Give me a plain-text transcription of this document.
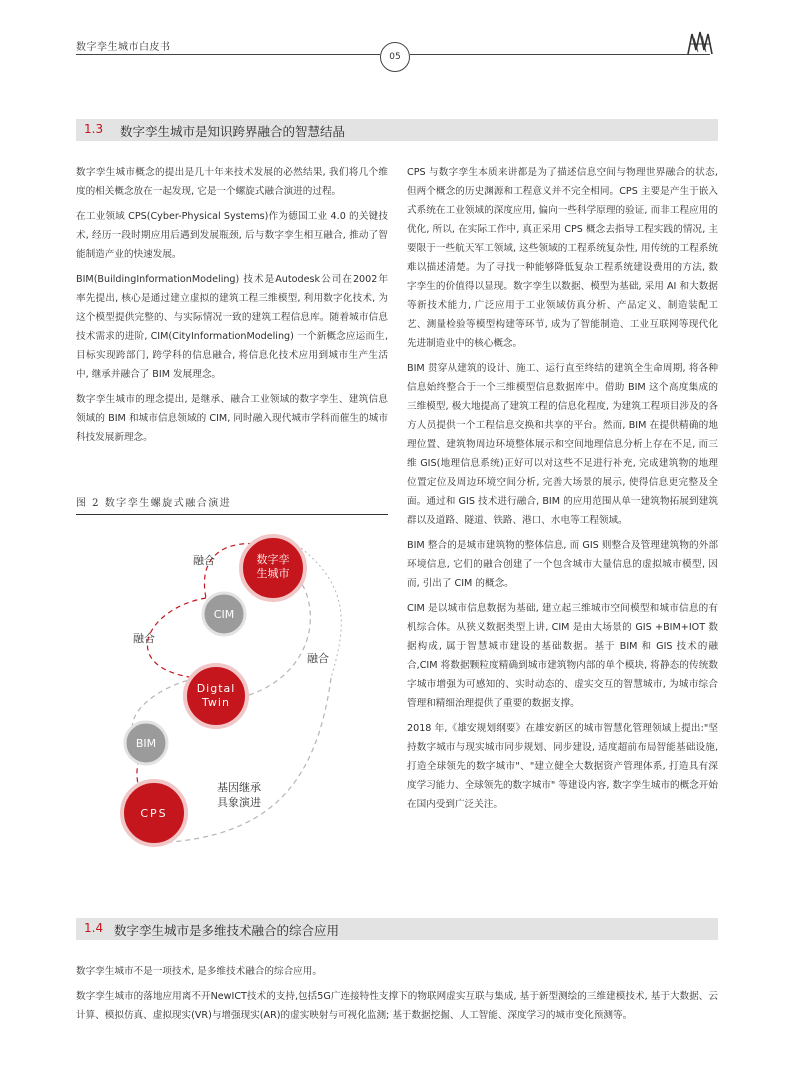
数字孪生城市白皮书
05
1.3 数字孪生城市是知识跨界融合的智慧结晶

数字孪生城市概念的提出是几十年来技术发展的必然结果, 我们将几个维度的相关概念放在一起发现, 它是一个螺旋式融合演进的过程。

在工业领域 CPS(Cyber-Physical Systems)作为德国工业 4.0 的关键技术, 经历一段时期应用后遇到发展瓶颈, 后与数字孪生相互融合, 推动了智能制造产业的快速发展。

BIM(BuildingInformationModeling) 技术是Autodesk公司在2002年率先提出, 核心是通过建立虚拟的建筑工程三维模型, 利用数字化技术, 为这个模型提供完整的、与实际情况一致的建筑工程信息库。随着城市信息技术需求的进阶, CIM(CityInformationModeling) 一个新概念应运而生, 目标实现跨部门, 跨学科的信息融合, 将信息化技术应用到城市生产生活中, 继承并融合了 BIM 发展理念。

数字孪生城市的理念提出, 是继承、融合工业领域的数字孪生、建筑信息领域的 BIM 和城市信息领域的 CIM, 同时融入现代城市学科而催生的城市科技发展新理念。

CPS 与数字孪生本质来讲都是为了描述信息空间与物理世界融合的状态, 但两个概念的历史渊源和工程意义并不完全相同。CPS 主要是产生于嵌入式系统在工业领域的深度应用, 偏向一些科学原理的验证, 而非工程应用的优化, 所以, 在实际工作中, 真正采用 CPS 概念去指导工程实践的情况, 主要限于一些航天军工领域, 这些领域的工程系统复杂性, 用传统的工程系统难以描述清楚。为了寻找一种能够降低复杂工程系统建设费用的方法, 数字孪生的价值得以显现。数字孪生以数据、模型为基础, 采用 AI 和大数据等新技术能力, 广泛应用于工业领域仿真分析、产品定义、制造装配工艺、测量检验等模型构建等环节, 成为了智能制造、工业互联网等现代化先进制造业中的核心概念。

BIM 贯穿从建筑的设计、施工、运行直至终结的建筑全生命周期, 将各种信息始终整合于一个三维模型信息数据库中。借助 BIM 这个高度集成的三维模型, 极大地提高了建筑工程的信息化程度, 为建筑工程项目涉及的各方人员提供一个工程信息交换和共享的平台。然而, BIM 在提供精确的地理位置、建筑物周边环境整体展示和空间地理信息分析上存在不足, 而三维 GIS(地理信息系统)正好可以对这些不足进行补充, 完成建筑物的地理位置定位及周边环境空间分析, 完善大场景的展示, 使得信息更完整及全面。通过和 GIS 技术进行融合, BIM 的应用范围从单一建筑物拓展到建筑群以及道路、隧道、铁路、港口、水电等工程领域。

BIM 整合的是城市建筑物的整体信息, 而 GIS 则整合及管理建筑物的外部环境信息, 它们的融合创建了一个包含城市大量信息的虚拟城市模型, 因而, 引出了 CIM 的概念。

CIM 是以城市信息数据为基础, 建立起三维城市空间模型和城市信息的有机综合体。从狭义数据类型上讲, CIM 是由大场景的 GIS +BIM+IOT 数据构成, 属于智慧城市建设的基础数据。基于 BIM 和 GIS 技术的融合,CIM 将数据颗粒度精确到城市建筑物内部的单个模块, 将静态的传统数字城市增强为可感知的、实时动态的、虚实交互的智慧城市, 为城市综合管理和精细治理提供了重要的数据支撑。

2018 年,《雄安规划纲要》在雄安新区的城市智慧化管理领域上提出:"坚持数字城市与现实城市同步规划、同步建设, 适度超前布局智能基础设施, 打造全球领先的数字城市"、"建立健全大数据资产管理体系, 打造具有深度学习能力、全球领先的数字城市" 等建设内容, 数字孪生城市的概念开始在国内受到广泛关注。

图 2 数字孪生螺旋式融合演进
数字孪
生城市
CIM
Digtal
Twin
BIM
CPS
融合
融合
融合
基因继承
具象演进
1.4 数字孪生城市是多维技术融合的综合应用

数字孪生城市不是一项技术, 是多维技术融合的综合应用。

数字孪生城市的落地应用离不开NewICT技术的支持,包括5G广连接特性支撑下的物联网虚实互联与集成, 基于新型测绘的三维建模技术, 基于大数据、云计算、模拟仿真、虚拟现实(VR)与增强现实(AR)的虚实映射与可视化监测; 基于数据挖掘、人工智能、深度学习的城市变化预测等。
